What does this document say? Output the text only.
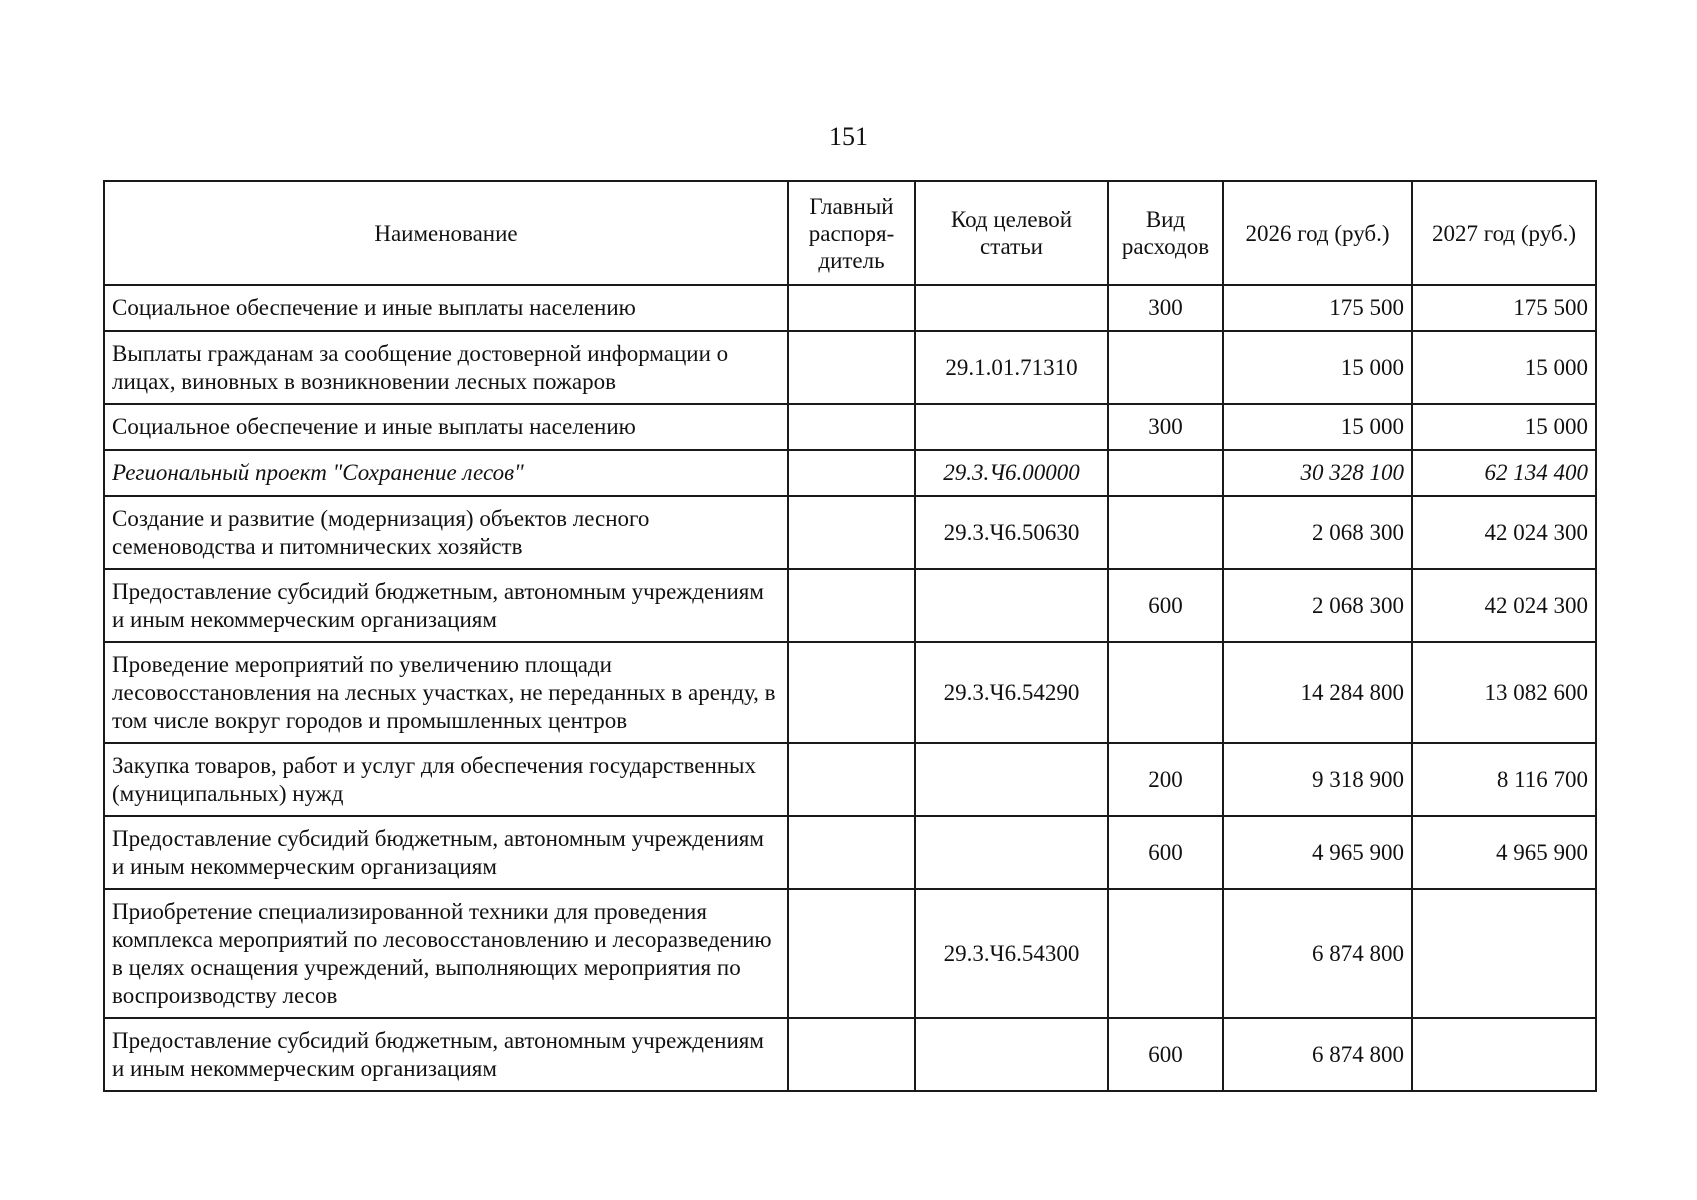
151
Наименование	Главный распоря-дитель	Код целевой статьи	Вид расходов	2026 год (руб.)	2027 год (руб.)
Социальное обеспечение и иные выплаты населению			300	175 500	175 500
Выплаты гражданам за сообщение достоверной информации о лицах, виновных в возникновении лесных пожаров		29.1.01.71310		15 000	15 000
Социальное обеспечение и иные выплаты населению			300	15 000	15 000
Региональный проект "Сохранение лесов"		29.3.Ч6.00000		30 328 100	62 134 400
Создание и развитие (модернизация) объектов лесного семеноводства и питомнических хозяйств		29.3.Ч6.50630		2 068 300	42 024 300
Предоставление субсидий бюджетным, автономным учреждениям и иным некоммерческим организациям			600	2 068 300	42 024 300
Проведение мероприятий по увеличению площади лесовосстановления на лесных участках, не переданных в аренду, в том числе вокруг городов и промышленных центров		29.3.Ч6.54290		14 284 800	13 082 600
Закупка товаров, работ и услуг для обеспечения государственных (муниципальных) нужд			200	9 318 900	8 116 700
Предоставление субсидий бюджетным, автономным учреждениям и иным некоммерческим организациям			600	4 965 900	4 965 900
Приобретение специализированной техники для проведения комплекса мероприятий по лесовосстановлению и лесоразведению в целях оснащения учреждений, выполняющих мероприятия по воспроизводству лесов		29.3.Ч6.54300		6 874 800	
Предоставление субсидий бюджетным, автономным учреждениям и иным некоммерческим организациям			600	6 874 800	
